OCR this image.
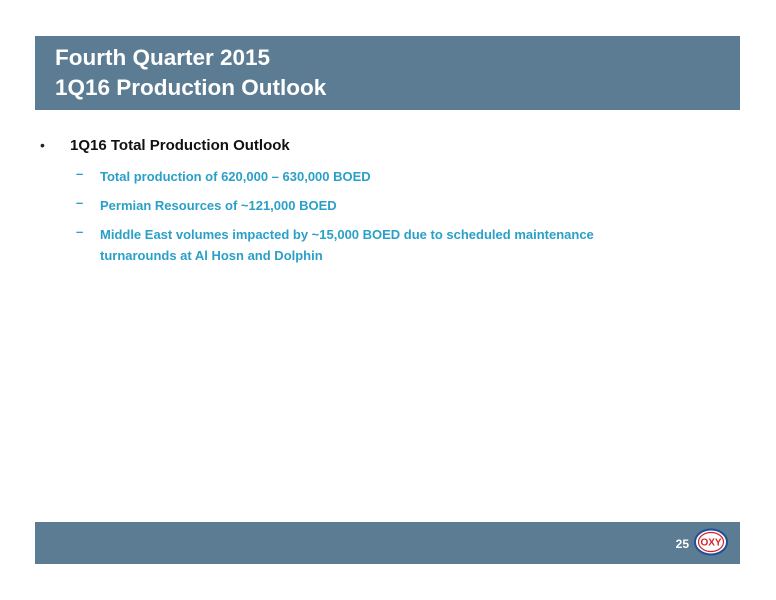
Fourth Quarter 2015
1Q16 Production Outlook
• 1Q16 Total Production Outlook
– Total production of 620,000 – 630,000 BOED
– Permian Resources of ~121,000 BOED
– Middle East volumes impacted by ~15,000 BOED due to scheduled maintenance turnarounds at Al Hosn and Dolphin
25 OXY
